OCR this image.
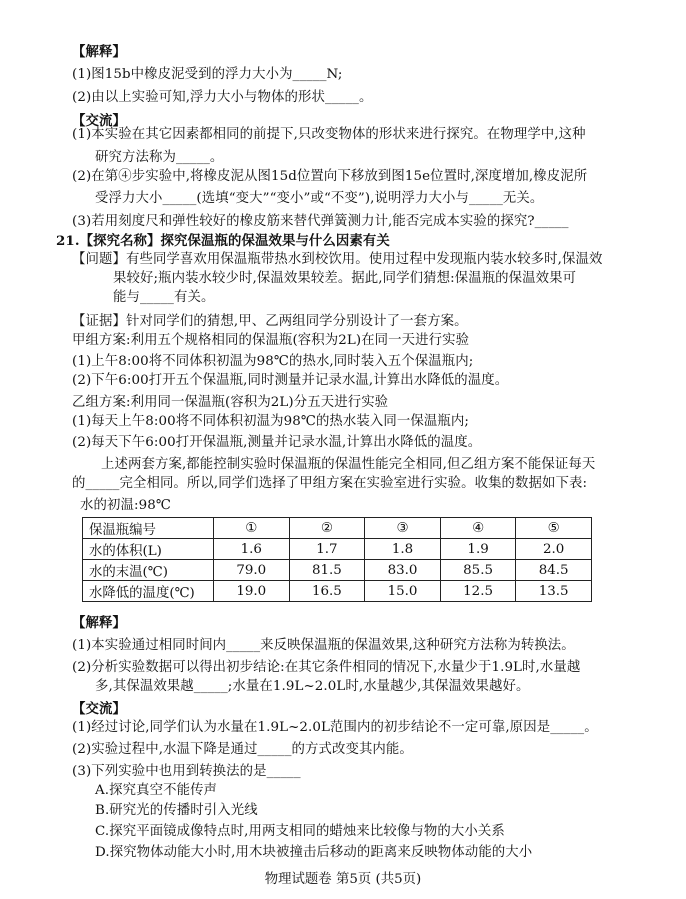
【解释】
(1)图15b中橡皮泥受到的浮力大小为_____N;
(2)由以上实验可知,浮力大小与物体的形状_____。
【交流】
(1)本实验在其它因素都相同的前提下,只改变物体的形状来进行探究。在物理学中,这种
研究方法称为_____。
(2)在第④步实验中,将橡皮泥从图15d位置向下移放到图15e位置时,深度增加,橡皮泥所
受浮力大小_____(选填“变大”“变小”或“不变”),说明浮力大小与_____无关。
(3)若用刻度尺和弹性较好的橡皮筋来替代弹簧测力计,能否完成本实验的探究?_____
21.【探究名称】探究保温瓶的保温效果与什么因素有关
【问题】有些同学喜欢用保温瓶带热水到校饮用。使用过程中发现瓶内装水较多时,保温效
果较好;瓶内装水较少时,保温效果较差。据此,同学们猜想:保温瓶的保温效果可
能与_____有关。
【证据】针对同学们的猜想,甲、乙两组同学分别设计了一套方案。
甲组方案:利用五个规格相同的保温瓶(容积为2L)在同一天进行实验
(1)上午8:00将不同体积初温为98℃的热水,同时装入五个保温瓶内;
(2)下午6:00打开五个保温瓶,同时测量并记录水温,计算出水降低的温度。
乙组方案:利用同一保温瓶(容积为2L)分五天进行实验
(1)每天上午8:00将不同体积初温为98℃的热水装入同一保温瓶内;
(2)每天下午6:00打开保温瓶,测量并记录水温,计算出水降低的温度。
上述两套方案,都能控制实验时保温瓶的保温性能完全相同,但乙组方案不能保证每天
的_____完全相同。所以,同学们选择了甲组方案在实验室进行实验。收集的数据如下表:
水的初温:98℃
保温瓶编号	①	②	③	④	⑤
水的体积(L)	1.6	1.7	1.8	1.9	2.0
水的末温(℃)	79.0	81.5	83.0	85.5	84.5
水降低的温度(℃)	19.0	16.5	15.0	12.5	13.5
【解释】
(1)本实验通过相同时间内_____来反映保温瓶的保温效果,这种研究方法称为转换法。
(2)分析实验数据可以得出初步结论:在其它条件相同的情况下,水量少于1.9L时,水量越
多,其保温效果越_____;水量在1.9L~2.0L时,水量越少,其保温效果越好。
【交流】
(1)经过讨论,同学们认为水量在1.9L~2.0L范围内的初步结论不一定可靠,原因是_____。
(2)实验过程中,水温下降是通过_____的方式改变其内能。
(3)下列实验中也用到转换法的是_____
A.探究真空不能传声
B.研究光的传播时引入光线
C.探究平面镜成像特点时,用两支相同的蜡烛来比较像与物的大小关系
D.探究物体动能大小时,用木块被撞击后移动的距离来反映物体动能的大小
物理试题卷 第5页 (共5页)
